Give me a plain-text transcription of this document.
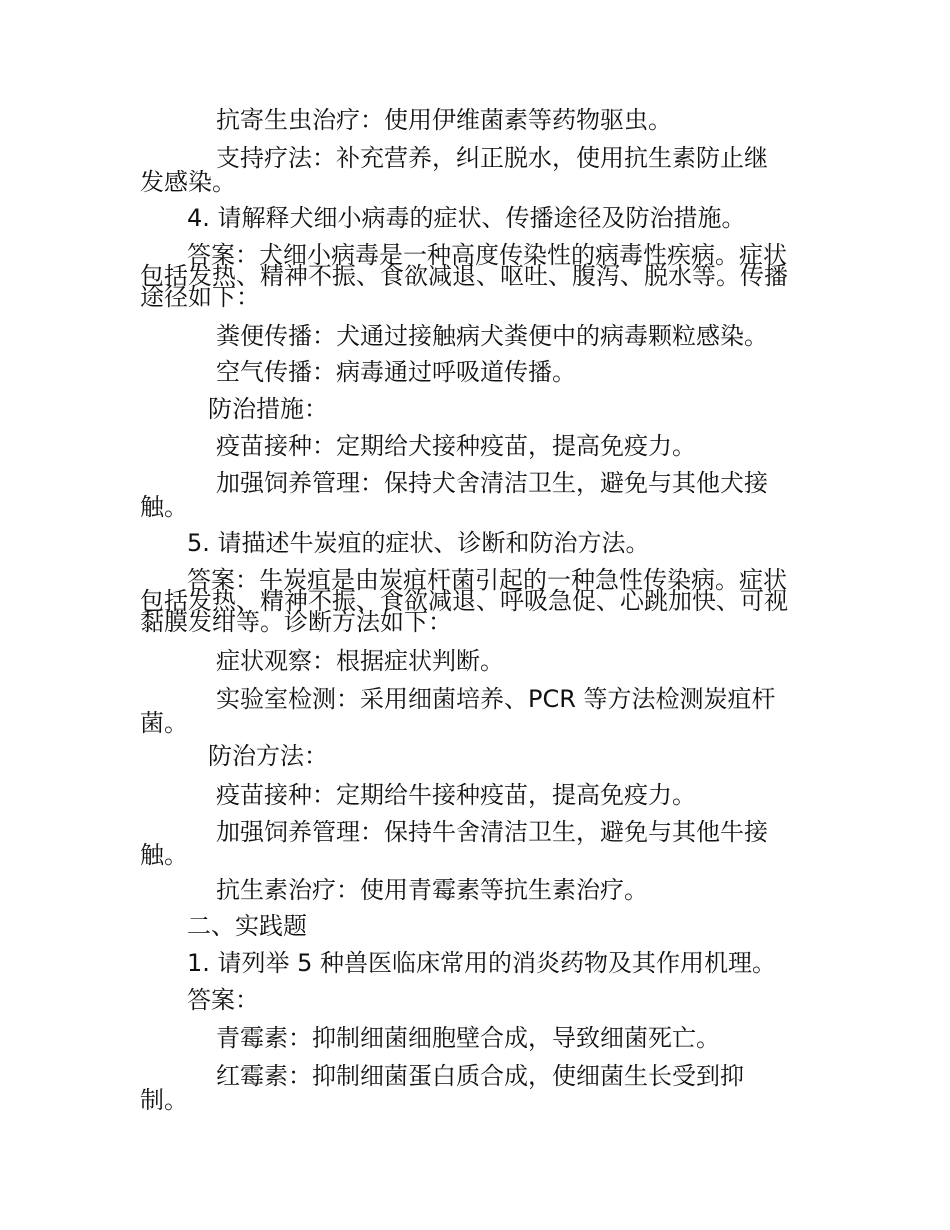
抗寄生虫治疗：使用伊维菌素等药物驱虫。
支持疗法：补充营养，纠正脱水，使用抗生素防止继
发感染。
4. 请解释犬细小病毒的症状、传播途径及防治措施。
答案：犬细小病毒是一种高度传染性的病毒性疾病。症状
包括发热、精神不振、食欲减退、呕吐、腹泻、脱水等。传播
途径如下：
粪便传播：犬通过接触病犬粪便中的病毒颗粒感染。
空气传播：病毒通过呼吸道传播。
防治措施：
疫苗接种：定期给犬接种疫苗，提高免疫力。
加强饲养管理：保持犬舍清洁卫生，避免与其他犬接
触。
5. 请描述牛炭疽的症状、诊断和防治方法。
答案：牛炭疽是由炭疽杆菌引起的一种急性传染病。症状
包括发热、精神不振、食欲减退、呼吸急促、心跳加快、可视
黏膜发绀等。诊断方法如下：
症状观察：根据症状判断。
实验室检测：采用细菌培养、PCR 等方法检测炭疽杆
菌。
防治方法：
疫苗接种：定期给牛接种疫苗，提高免疫力。
加强饲养管理：保持牛舍清洁卫生，避免与其他牛接
触。
抗生素治疗：使用青霉素等抗生素治疗。
二、实践题
1. 请列举 5 种兽医临床常用的消炎药物及其作用机理。
答案：
青霉素：抑制细菌细胞壁合成，导致细菌死亡。
红霉素：抑制细菌蛋白质合成，使细菌生长受到抑
制。
